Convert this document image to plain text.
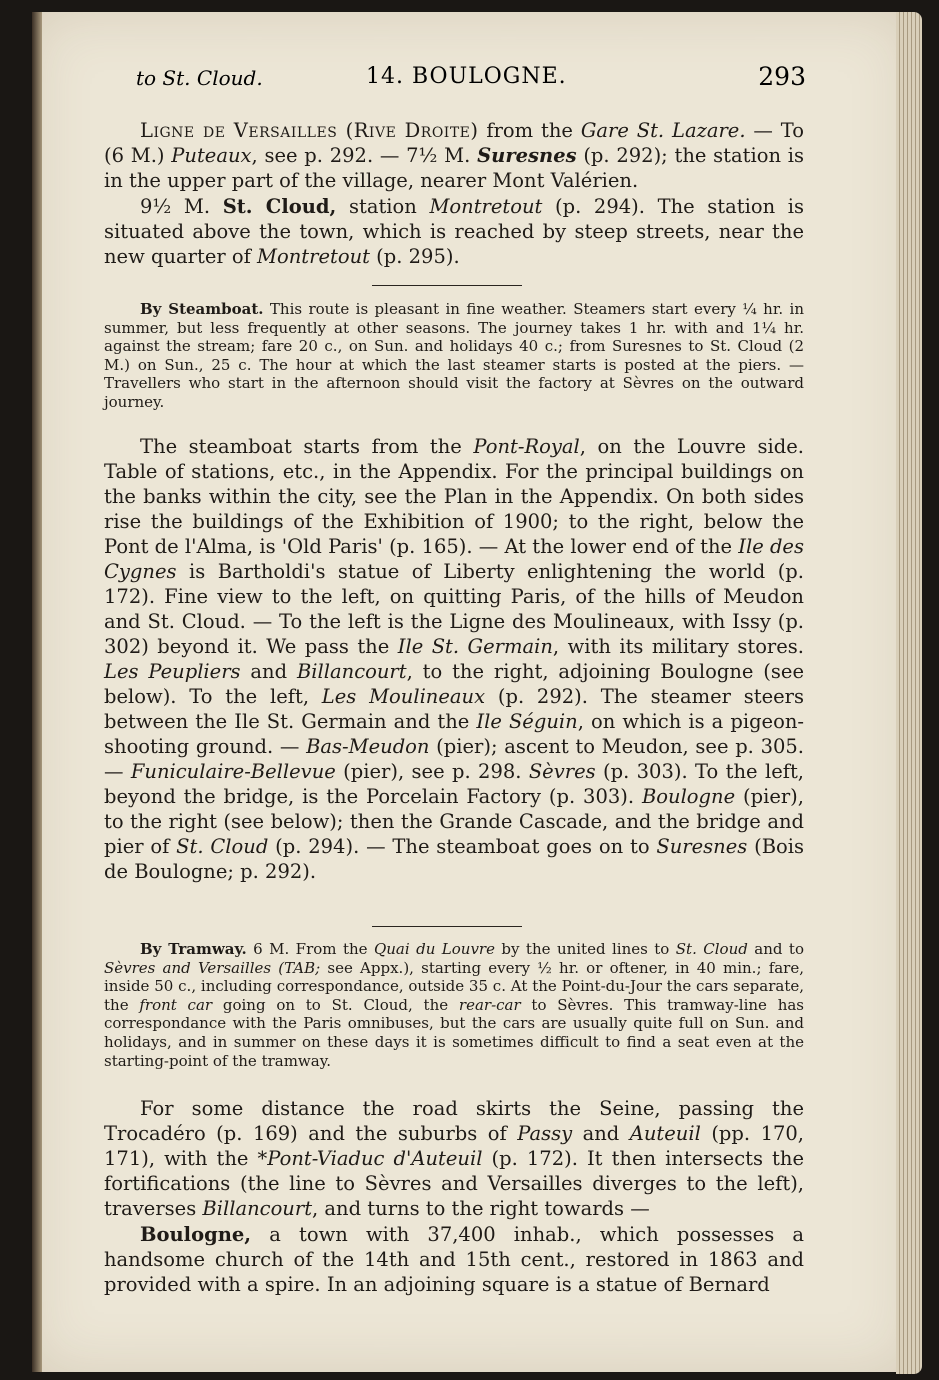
to St. Cloud.	14. BOULOGNE.	293
Ligne de Versailles (Rive Droite) from the Gare St. Lazare. — To (6 M.) Puteaux, see p. 292. — 7½ M. Suresnes (p. 292); the station is in the upper part of the village, nearer Mont Valérien.
9½ M. St. Cloud, station Montretout (p. 294). The station is situated above the town, which is reached by steep streets, near the new quarter of Montretout (p. 295).
By Steamboat. This route is pleasant in fine weather. Steamers start every ¼ hr. in summer, but less frequently at other seasons. The journey takes 1 hr. with and 1¼ hr. against the stream; fare 20 c., on Sun. and holidays 40 c.; from Suresnes to St. Cloud (2 M.) on Sun., 25 c. The hour at which the last steamer starts is posted at the piers. — Travellers who start in the afternoon should visit the factory at Sèvres on the outward journey.
The steamboat starts from the Pont-Royal, on the Louvre side. Table of stations, etc., in the Appendix. For the principal buildings on the banks within the city, see the Plan in the Appendix. On both sides rise the buildings of the Exhibition of 1900; to the right, below the Pont de l'Alma, is 'Old Paris' (p. 165). — At the lower end of the Ile des Cygnes is Bartholdi's statue of Liberty enlightening the world (p. 172). Fine view to the left, on quitting Paris, of the hills of Meudon and St. Cloud. — To the left is the Ligne des Moulineaux, with Issy (p. 302) beyond it. We pass the Ile St. Germain, with its military stores. Les Peupliers and Billancourt, to the right, adjoining Boulogne (see below). To the left, Les Moulineaux (p. 292). The steamer steers between the Ile St. Germain and the Ile Séguin, on which is a pigeon-shooting ground. — Bas-Meudon (pier); ascent to Meudon, see p. 305. — Funiculaire-Bellevue (pier), see p. 298. Sèvres (p. 303). To the left, beyond the bridge, is the Porcelain Factory (p. 303). Boulogne (pier), to the right (see below); then the Grande Cascade, and the bridge and pier of St. Cloud (p. 294). — The steamboat goes on to Suresnes (Bois de Boulogne; p. 292).
By Tramway. 6 M. From the Quai du Louvre by the united lines to St. Cloud and to Sèvres and Versailles (TAB; see Appx.), starting every ½ hr. or oftener, in 40 min.; fare, inside 50 c., including correspondance, outside 35 c. At the Point-du-Jour the cars separate, the front car going on to St. Cloud, the rear-car to Sèvres. This tramway-line has correspondance with the Paris omnibuses, but the cars are usually quite full on Sun. and holidays, and in summer on these days it is sometimes difficult to find a seat even at the starting-point of the tramway.
For some distance the road skirts the Seine, passing the Trocadéro (p. 169) and the suburbs of Passy and Auteuil (pp. 170, 171), with the *Pont-Viaduc d'Auteuil (p. 172). It then intersects the fortifications (the line to Sèvres and Versailles diverges to the left), traverses Billancourt, and turns to the right towards —
Boulogne, a town with 37,400 inhab., which possesses a handsome church of the 14th and 15th cent., restored in 1863 and provided with a spire. In an adjoining square is a statue of Bernard
